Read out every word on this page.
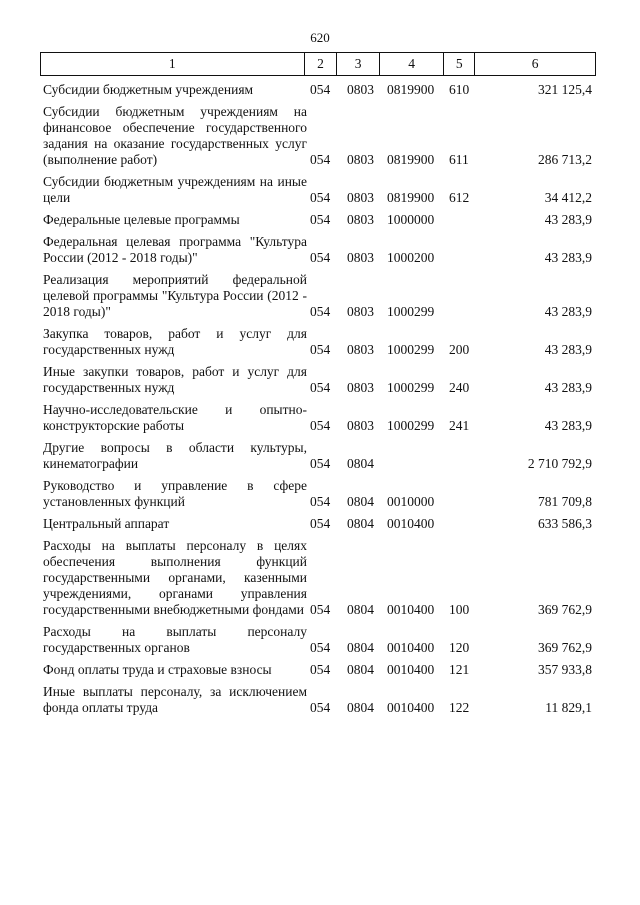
620
1	2	3	4	5	6
Субсидии бюджетным учреждениям	054 0803 0819900 610	321 125,4
Субсидии бюджетным учреждениям на финансовое обеспечение государственного задания на оказание государственных услуг (выполнение работ)	054 0803 0819900 611	286 713,2
Субсидии бюджетным учреждениям на иные цели	054 0803 0819900 612	34 412,2
Федеральные целевые программы	054 0803 1000000	43 283,9
Федеральная целевая программа "Культура России (2012 - 2018 годы)"	054 0803 1000200	43 283,9
Реализация мероприятий федеральной целевой программы "Культура России (2012 - 2018 годы)"	054 0803 1000299	43 283,9
Закупка товаров, работ и услуг для государственных нужд	054 0803 1000299 200	43 283,9
Иные закупки товаров, работ и услуг для государственных нужд	054 0803 1000299 240	43 283,9
Научно-исследовательские и опытно-конструкторские работы	054 0803 1000299 241	43 283,9
Другие вопросы в области культуры, кинематографии	054 0804	2 710 792,9
Руководство и управление в сфере установленных функций	054 0804 0010000	781 709,8
Центральный аппарат	054 0804 0010400	633 586,3
Расходы на выплаты персоналу в целях обеспечения выполнения функций государственными органами, казенными учреждениями, органами управления государственными внебюджетными фондами 054 0804 0010400 100	369 762,9
Расходы на выплаты персоналу государственных органов	054 0804 0010400 120	369 762,9
Фонд оплаты труда и страховые взносы	054 0804 0010400 121	357 933,8
Иные выплаты персоналу, за исключением фонда оплаты труда	054 0804 0010400 122	11 829,1
